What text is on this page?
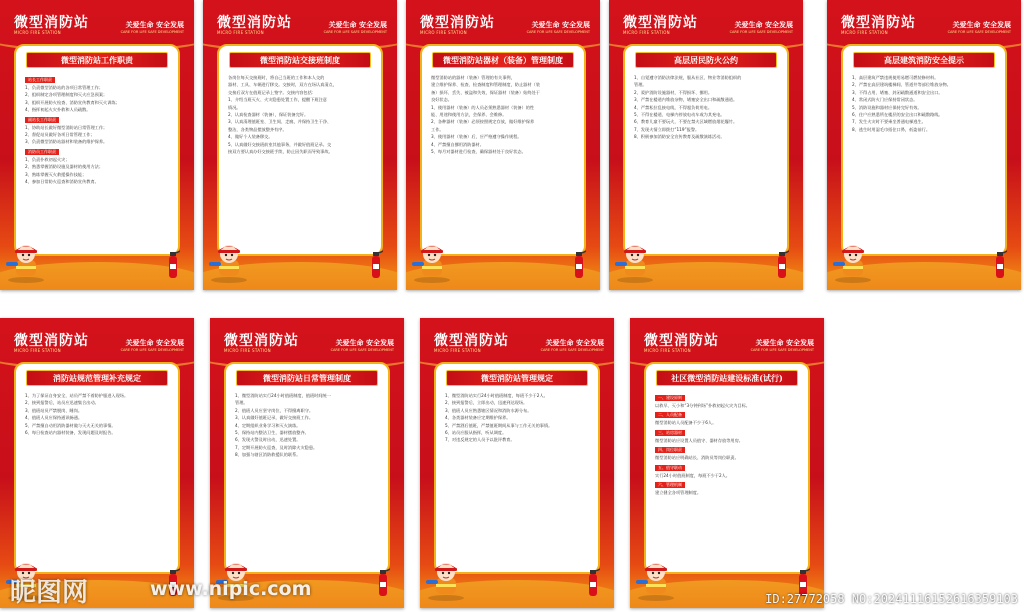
微型消防站
MICRO FIRE STATION
关爱生命 安全发展
CARE FOR LIFE SAFE DEVELOPMENT
微型消防站工作职责
站长工作职责
1、负责微型消防站的各项日常管理工作；
2、组织制定各项管理制度和灭火应急预案；
3、组织开展防火检查、消防宣传教育和灭火训练；
4、指挥初起火灾扑救和人员疏散。
副站长工作职责
1、协助站长做好微型消防站日常管理工作；
2、督促站员做好各项日常管理工作；
3、负责微型消防站器材和装备的维护保养。
消防员工作职责
1、负责扑救初起火灾；
2、熟悉掌握消防设施及器材的使用方法；
3、熟练掌握灭火救援操作技能；
4、参加日常防火巡查和消防宣传教育。
微型消防站
MICRO FIRE STATION
关爱生命 安全发展
CARE FOR LIFE SAFE DEVELOPMENT
微型消防站交接班制度
各岗位每天交接班时，将自己当班的工作和本人交的
器材、工具、车辆进行移交。交接时，双方在场认真清点，
交接后双方在值班记录上签字。交接内容包括：
1、介绍当班灭火、火灾隐患处置工作，提醒下班注意
情况。
2、认真检查器材（装备），保证装备完好。
3、认真清理值班室、卫生间、走廊，并保持卫生干净、
整洁，各类物品摆放整齐有序。
4、做好个人装备移交。
5、认真做好交接班前室其他事务，并做好值班记录。交
接双方要认真办好交接班手续，防止因失职而导致事故。
微型消防站
MICRO FIRE STATION
关爱生命 安全发展
CARE FOR LIFE SAFE DEVELOPMENT
微型消防站器材（装备）管理制度
微型消防站的器材（装备）管理的有关事例，
建立维护保养、检查、检查制度和管理制度，防止器材（装
备）损坏、丢失、被盗和失效，保证器材（装备）始终处于
良好状态。
1、使用器材（装备）的人员必须熟悉器材（装备）的性
能、用途和使用方法，会保养、会维修。
2、各种器材（装备）必须按照规定存放，做好维护保养
工作。
3、使用器材（装备）后，应严格遵守操作规程。
4、严禁擅自挪用消防器材。
5、每月对器材进行检查，确保器材处于良好状态。
微型消防站
MICRO FIRE STATION
关爱生命 安全发展
CARE FOR LIFE SAFE DEVELOPMENT
高层居民防火公约
1、自觉遵守消防法律法规，服从社区、物业等消防组织的
管理。
2、爱护消防设施器材，不得损坏、挪用。
3、严禁在楼道内堆放杂物，堵塞安全出口和疏散通道。
4、严禁私拉乱接电线，不得超负荷用电。
5、不得在楼道、电梯内停放电动车或为其充电。
6、教育儿童不要玩火，不要在禁火区域燃放烟花爆竹。
7、发现火情立即拨打“119”报警。
8、积极参加消防安全宣传教育及疏散演练活动。
微型消防站
MICRO FIRE STATION
关爱生命 安全发展
CARE FOR LIFE SAFE DEVELOPMENT
高层建筑消防安全提示
1、高层建筑严禁违规使用易燃可燃装修材料。
2、严禁在高层建筑楼梯间、管道井等部位堆放杂物。
3、不得占用、堵塞、封闭疏散通道和安全出口。
4、常闭式防火门应保持常闭状态。
5、消防设施和器材应保持完好有效。
6、住户应熟悉所在楼层的安全出口和疏散路线。
7、发生火灾时不要乘坐普通电梯逃生。
8、逃生时用湿毛巾捂住口鼻，低姿前行。
微型消防站
MICRO FIRE STATION
关爱生命 安全发展
CARE FOR LIFE SAFE DEVELOPMENT
消防站规范管理补充规定
1、为了保证自身安全，站员严禁不着防护服进入现场。
2、接到报警后，站员应迅速集合出动。
3、值班站员严禁脱岗、睡岗。
4、值班人员应保持通讯畅通。
5、严禁擅自动用消防器材做与灭火无关的事情。
6、每日检查站内器材装备，发现问题及时报告。
微型消防站
MICRO FIRE STATION
关爱生命 安全发展
CARE FOR LIFE SAFE DEVELOPMENT
微型消防站日常管理制度
1、微型消防站实行24小时值班制度，值班时间统一
管理。
2、值班人员应坚守岗位，不得擅离职守。
3、认真做好值班记录，做好交接班工作。
4、定期组织业务学习和灭火演练。
5、保持站内整洁卫生，器材摆放整齐。
6、发现火警及时出动，迅速处置。
7、定期开展防火巡查，及时消除火灾隐患。
8、加强与辖区消防救援队的联系。
微型消防站
MICRO FIRE STATION
关爱生命 安全发展
CARE FOR LIFE SAFE DEVELOPMENT
微型消防站管理规定
1、微型消防站实行24小时值班制度，每班不少于2人。
2、接到报警后，立即出动，迅速到达现场。
3、值班人员应熟悉辖区情况和消防水源分布。
4、各类器材装备应定期维护保养。
5、严禁酒后值班，严禁值班期间从事与工作无关的事情。
6、站员应服从指挥，听从调度。
7、对违反规定的人员予以批评教育。
微型消防站
MICRO FIRE STATION
关爱生命 安全发展
CARE FOR LIFE SAFE DEVELOPMENT
社区微型消防站建设标准(试行)
一、建设原则
以救早、灭小和“3分钟到场”扑救初起火灾为目标。
二、人员配备
微型消防站人员配备不少于6人。
三、站房器材
微型消防站应设置人员值守、器材存放等用房。
四、岗位职责
微型消防站应明确站长、消防员等岗位职责。
五、值守联动
实行24小时值班制度，每班不少于2人。
六、管理机制
建立健全各项管理制度。
昵图网	www.nipic.com	ID:27772058 NO:20241116152616359103
